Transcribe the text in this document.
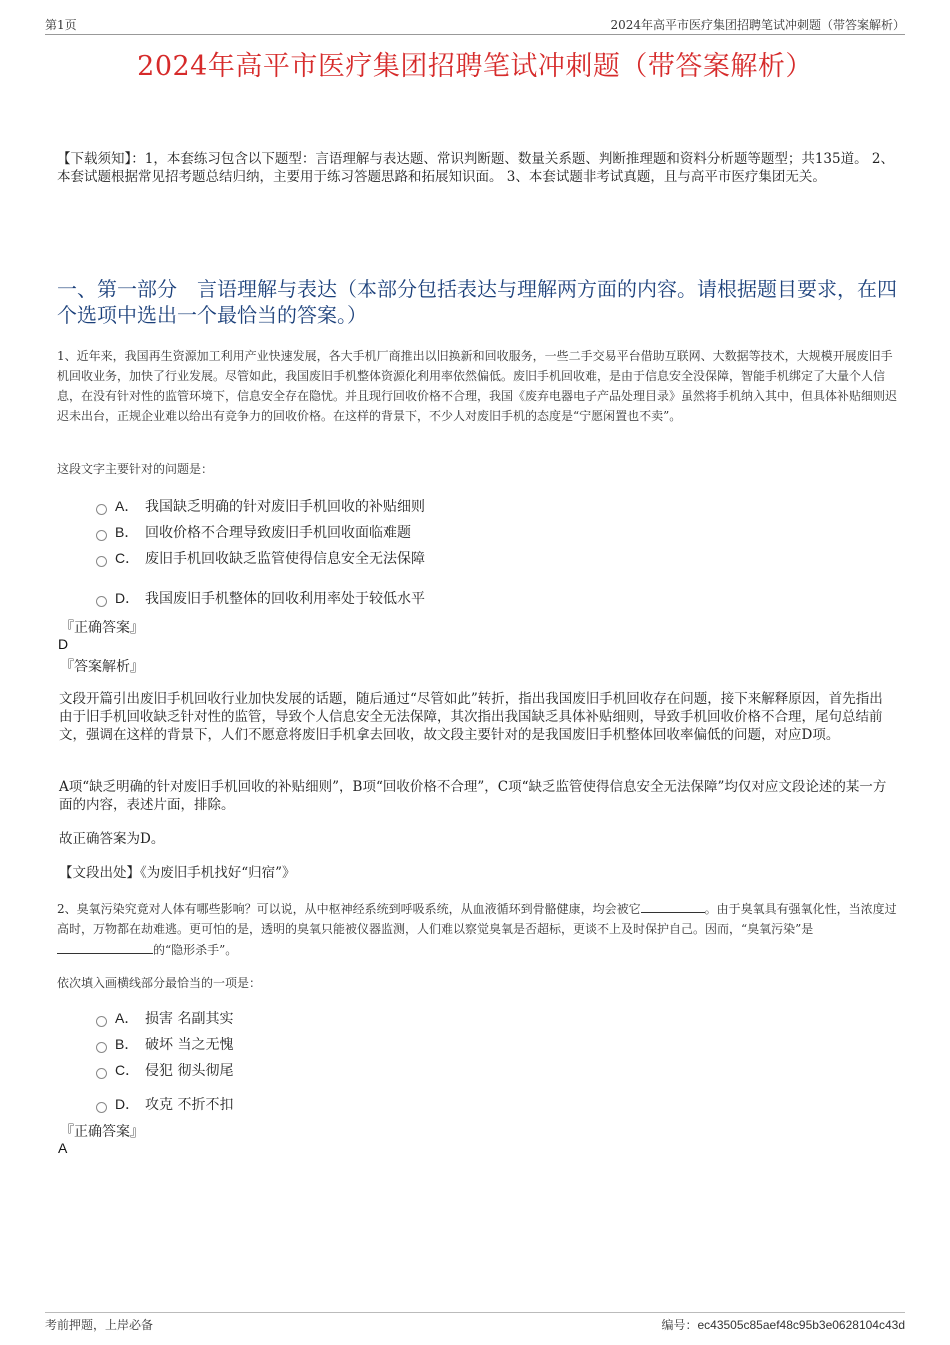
第1页	2024年高平市医疗集团招聘笔试冲刺题（带答案解析）
2024年高平市医疗集团招聘笔试冲刺题（带答案解析）
【下载须知】：1，本套练习包含以下题型：言语理解与表达题、常识判断题、数量关系题、判断推理题和资料分析题等题型；共135道。 2、本套试题根据常见招考题总结归纳，主要用于练习答题思路和拓展知识面。 3、本套试题非考试真题，且与高平市医疗集团无关。
一、第一部分　言语理解与表达（本部分包括表达与理解两方面的内容。请根据题目要求，在四个选项中选出一个最恰当的答案。）
1、近年来，我国再生资源加工利用产业快速发展，各大手机厂商推出以旧换新和回收服务，一些二手交易平台借助互联网、大数据等技术，大规模开展废旧手机回收业务，加快了行业发展。尽管如此，我国废旧手机整体资源化利用率依然偏低。废旧手机回收难，是由于信息安全没保障，智能手机绑定了大量个人信息，在没有针对性的监管环境下，信息安全存在隐忧。并且现行回收价格不合理，我国《废弃电器电子产品处理目录》虽然将手机纳入其中，但具体补贴细则迟迟未出台，正规企业难以给出有竞争力的回收价格。在这样的背景下，不少人对废旧手机的态度是“宁愿闲置也不卖”。
这段文字主要针对的问题是：
A． 我国缺乏明确的针对废旧手机回收的补贴细则
B． 回收价格不合理导致废旧手机回收面临难题
C． 废旧手机回收缺乏监管使得信息安全无法保障
D． 我国废旧手机整体的回收利用率处于较低水平
『正确答案』
D
『答案解析』
文段开篇引出废旧手机回收行业加快发展的话题，随后通过“尽管如此”转折，指出我国废旧手机回收存在问题，接下来解释原因，首先指出由于旧手机回收缺乏针对性的监管，导致个人信息安全无法保障，其次指出我国缺乏具体补贴细则，导致手机回收价格不合理，尾句总结前文，强调在这样的背景下，人们不愿意将废旧手机拿去回收，故文段主要针对的是我国废旧手机整体回收率偏低的问题，对应D项。
A项“缺乏明确的针对废旧手机回收的补贴细则”，B项“回收价格不合理”，C项“缺乏监管使得信息安全无法保障”均仅对应文段论述的某一方面的内容，表述片面，排除。
故正确答案为D。
【文段出处】《为废旧手机找好“归宿”》
2、臭氧污染究竟对人体有哪些影响？可以说，从中枢神经系统到呼吸系统，从血液循环到骨骼健康，均会被它	。由于臭氧具有强氧化性，当浓度过高时，万物都在劫难逃。更可怕的是，透明的臭氧只能被仪器监测，人们难以察觉臭氧是否超标，更谈不上及时保护自己。因而，“臭氧污染”是的“隐形杀手”。
依次填入画横线部分最恰当的一项是：
A． 损害 名副其实
B． 破坏 当之无愧
C． 侵犯 彻头彻尾
D． 攻克 不折不扣
『正确答案』
A
考前押题，上岸必备	编号：ec43505c85aef48c95b3e0628104c43d
